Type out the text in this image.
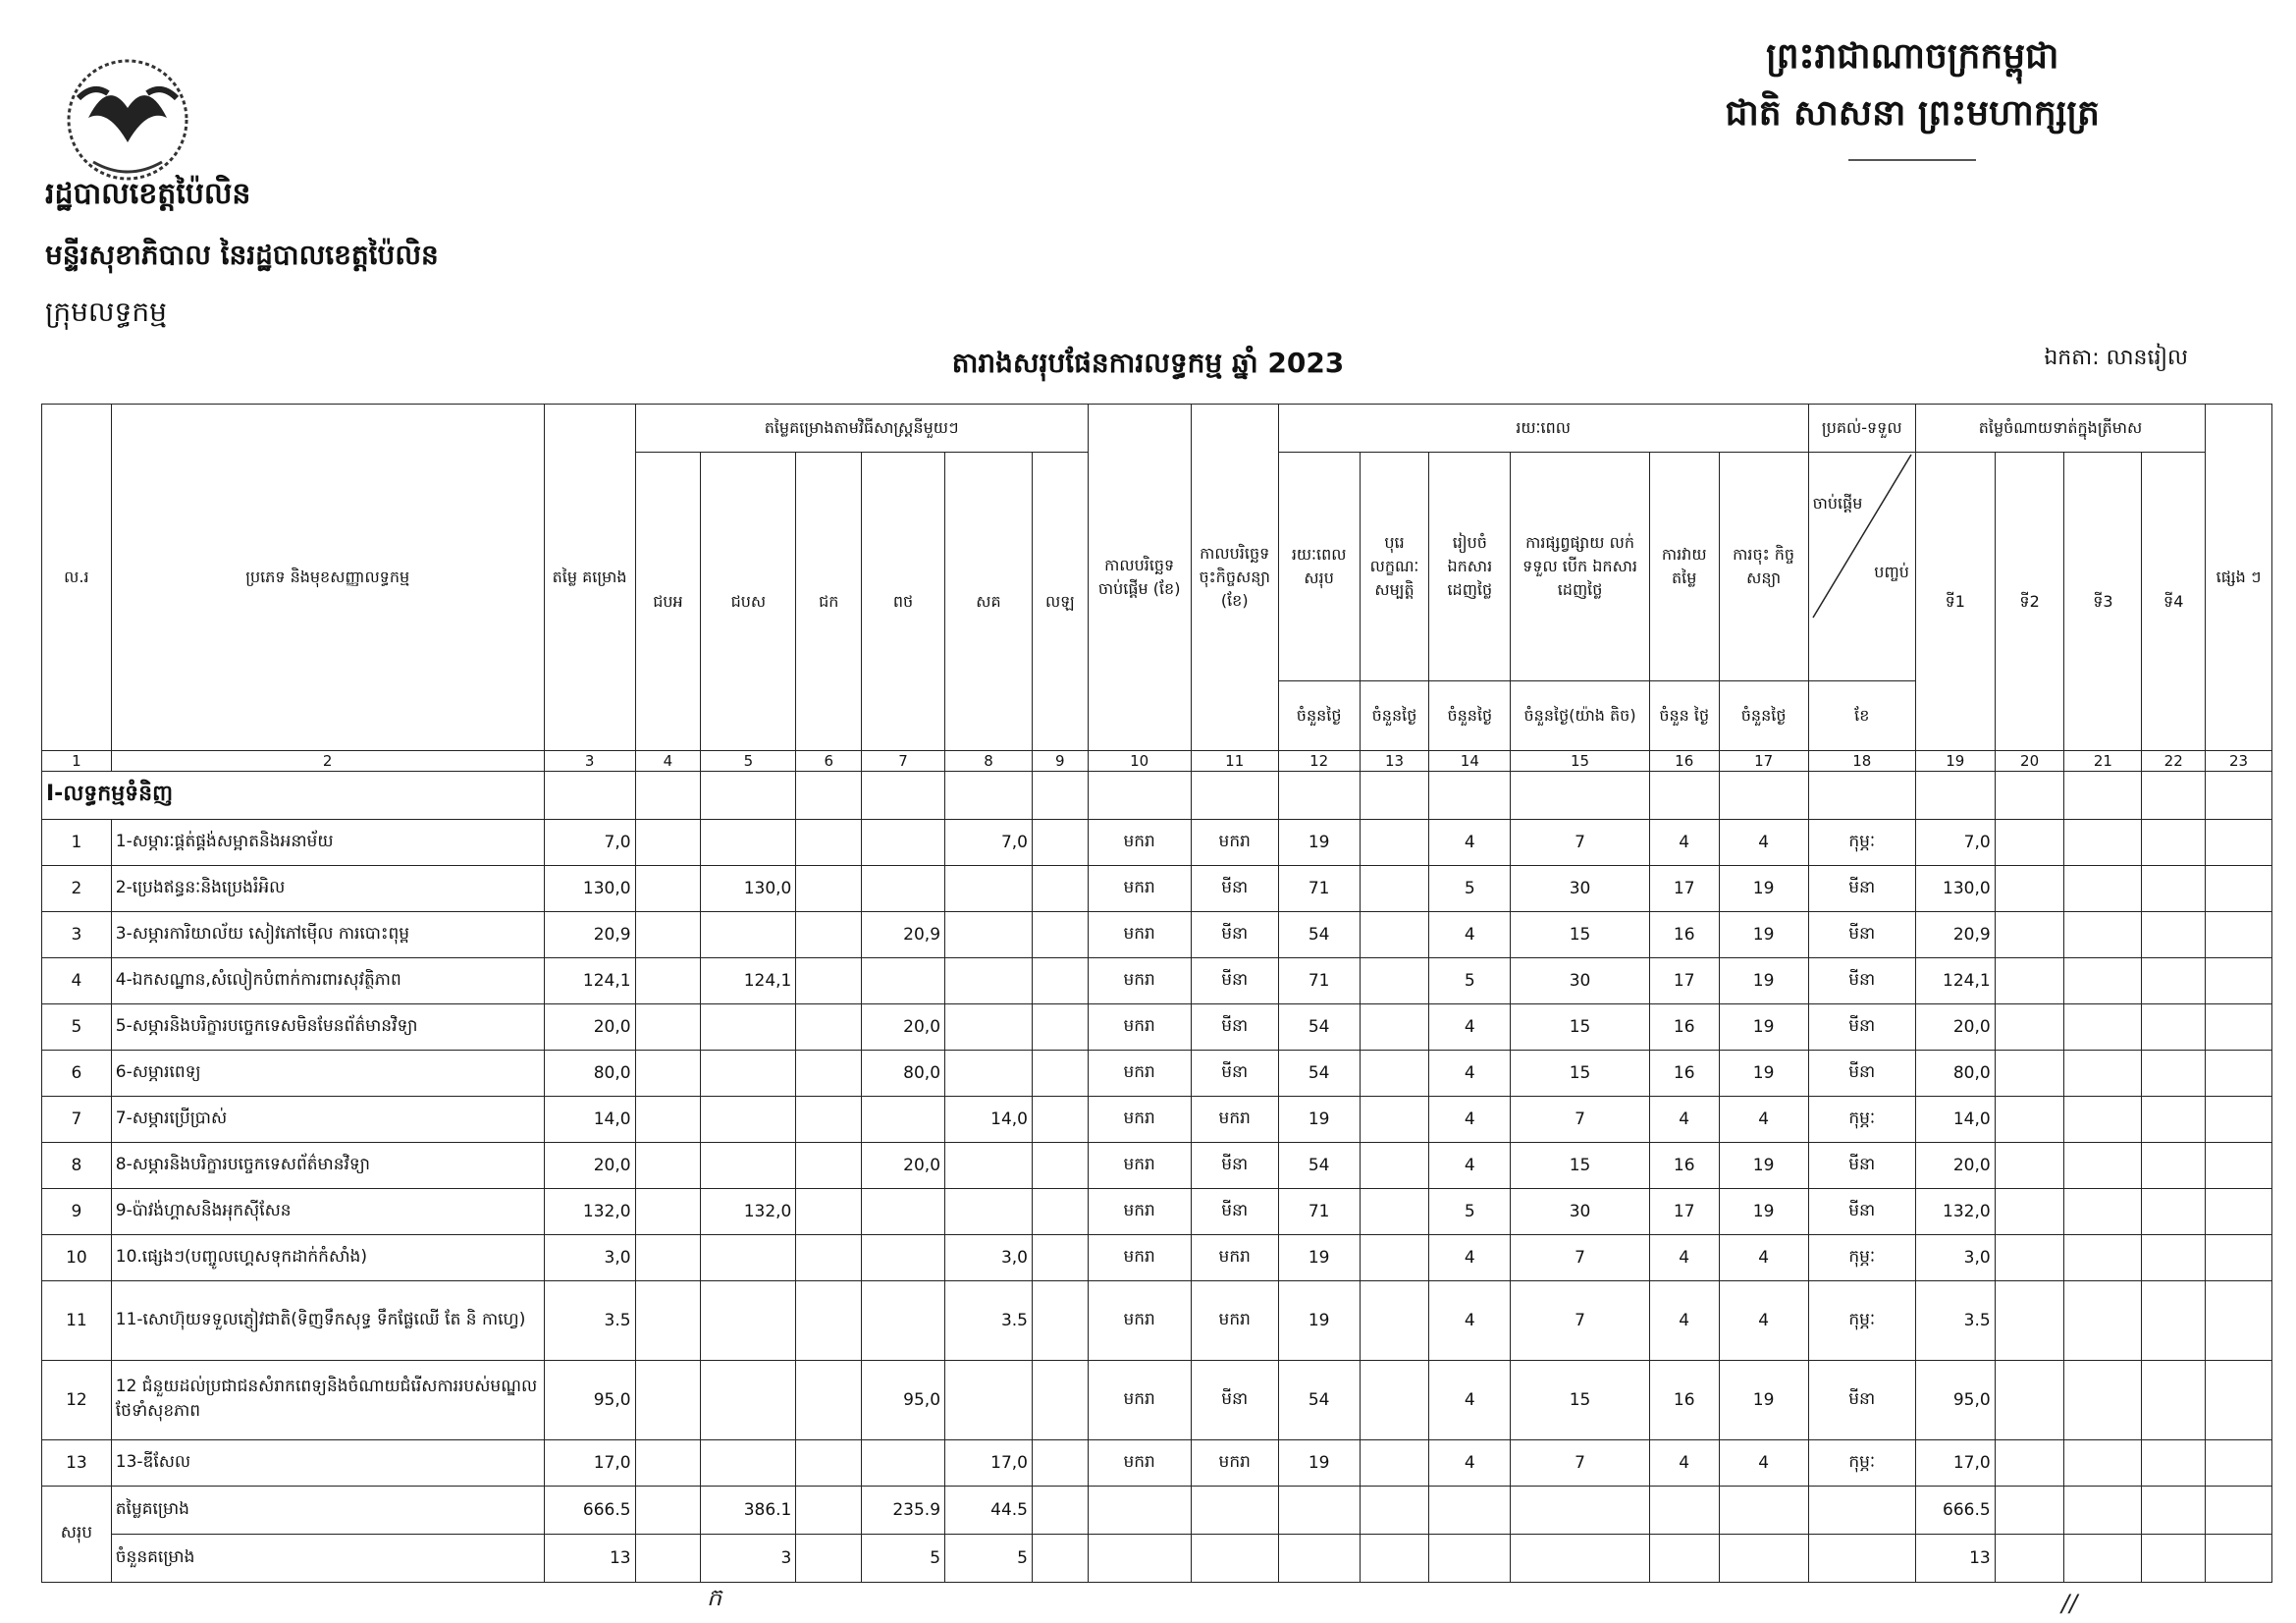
ព្រះរាជាណាចក្រកម្ពុជា
ជាតិ សាសនា ព្រះមហាក្សត្រ
រដ្ឋបាលខេត្តប៉ៃលិន
មន្ទីរសុខាភិបាល នៃរដ្ឋបាលខេត្តប៉ៃលិន
ក្រុមលទ្ធកម្ម
តារាងសរុបផែនការលទ្ធកម្ម ឆ្នាំ 2023	ឯកតា: លានរៀល
ល.រ	ប្រភេទ និងមុខសញ្ញាលទ្ធកម្ម	តម្លៃ គម្រោង	តម្លៃគម្រោងតាមវិធីសាស្ត្រនីមួយៗ						កាលបរិច្ឆេទ ចាប់ផ្តើម (ខែ)	កាលបរិច្ឆេទ ចុះកិច្ចសន្យា (ខែ)	រយៈពេល						ប្រគល់-ទទួល	តម្លៃចំណាយទាត់ក្នុងត្រីមាស				ផ្សេង ៗ
			ជបអ	ជបស	ជក	ពថ	សគ	លឡ			រយៈពេល សរុប	បុរេ លក្ខណៈ សម្បត្តិ	រៀបចំ ឯកសារ ដេញថ្លៃ	ការផ្សព្វផ្សាយ លក់ទទួល បើក ឯកសារ ដេញថ្លៃ	ការវាយ តម្លៃ	ការចុះ កិច្ចសន្យា	ចាប់ផ្តើម
បញ្ចប់	ទី1	ទី2	ទី3	ទី4	
											ចំនួនថ្ងៃ	ចំនួនថ្ងៃ	ចំនួនថ្ងៃ	ចំនួនថ្ងៃ(យ៉ាង តិច)	ចំនួន ថ្ងៃ	ចំនួនថ្ងៃ	ខែ					
1	2	3	4	5	6	7	8	9	10	11	12	13	14	15	16	17	18	19	20	21	22	23
I-លទ្ធកម្មទំនិញ																						
1	1-សម្ភារៈផ្គត់ផ្គង់សម្អាតនិងអនាម័យ	7,0					7,0		មករា	មករា	19		4	7	4	4	កុម្ភៈ	7,0				
2	2-ប្រេងឥន្ធនៈនិងប្រេងរំអិល	130,0		130,0					មករា	មីនា	71		5	30	17	19	មីនា	130,0				
3	3-សម្ភារការិយាល័យ សៀវភៅម៉ើល ការបោះពុម្ព	20,9				20,9			មករា	មីនា	54		4	15	16	19	មីនា	20,9				
4	4-ឯកសណ្ឋាន,សំលៀកបំពាក់ការពារសុវត្ថិភាព	124,1		124,1					មករា	មីនា	71		5	30	17	19	មីនា	124,1				
5	5-សម្ភារនិងបរិក្ខារបច្ចេកទេសមិនមែនព័ត៌មានវិទ្យា	20,0				20,0			មករា	មីនា	54		4	15	16	19	មីនា	20,0				
6	6-សម្ភារពេទ្យ	80,0				80,0			មករា	មីនា	54		4	15	16	19	មីនា	80,0				
7	7-សម្ភារប្រើប្រាស់	14,0					14,0		មករា	មករា	19		4	7	4	4	កុម្ភៈ	14,0				
8	8-សម្ភារនិងបរិក្ខារបច្ចេកទេសព័ត៌មានវិទ្យា	20,0				20,0			មករា	មីនា	54		4	15	16	19	មីនា	20,0				
9	9-ប៉ាវង់ហ្គាសនិងអុកស៊ីសែន	132,0		132,0					មករា	មីនា	71		5	30	17	19	មីនា	132,0				
10	10.ផ្សេងៗ(បញ្ចូលហ្គេសទុកដាក់កំសាំង)	3,0					3,0		មករា	មករា	19		4	7	4	4	កុម្ភៈ	3,0				
11	11-សោហ៊ុយទទួលភ្ញៀវជាតិ(ទិញទឹកសុទ្ធ ទឹកផ្លែឈើ តែ និ កាហ្វេ)	3.5					3.5		មករា	មករា	19		4	7	4	4	កុម្ភៈ	3.5				
12	12 ជំនួយដល់ប្រជាជនសំរាកពេទ្យនិងចំណាយជំរើសការរបស់មណ្ឌលថែទាំសុខភាព	95,0				95,0			មករា	មីនា	54		4	15	16	19	មីនា	95,0				
13	13-ឌីសែល	17,0					17,0		មករា	មករា	19		4	7	4	4	កុម្ភៈ	17,0				
សរុប	តម្លៃគម្រោង	666.5		386.1		235.9	44.5											666.5				
	ចំនួនគម្រោង	13		3		5	5											13				
ក	//
